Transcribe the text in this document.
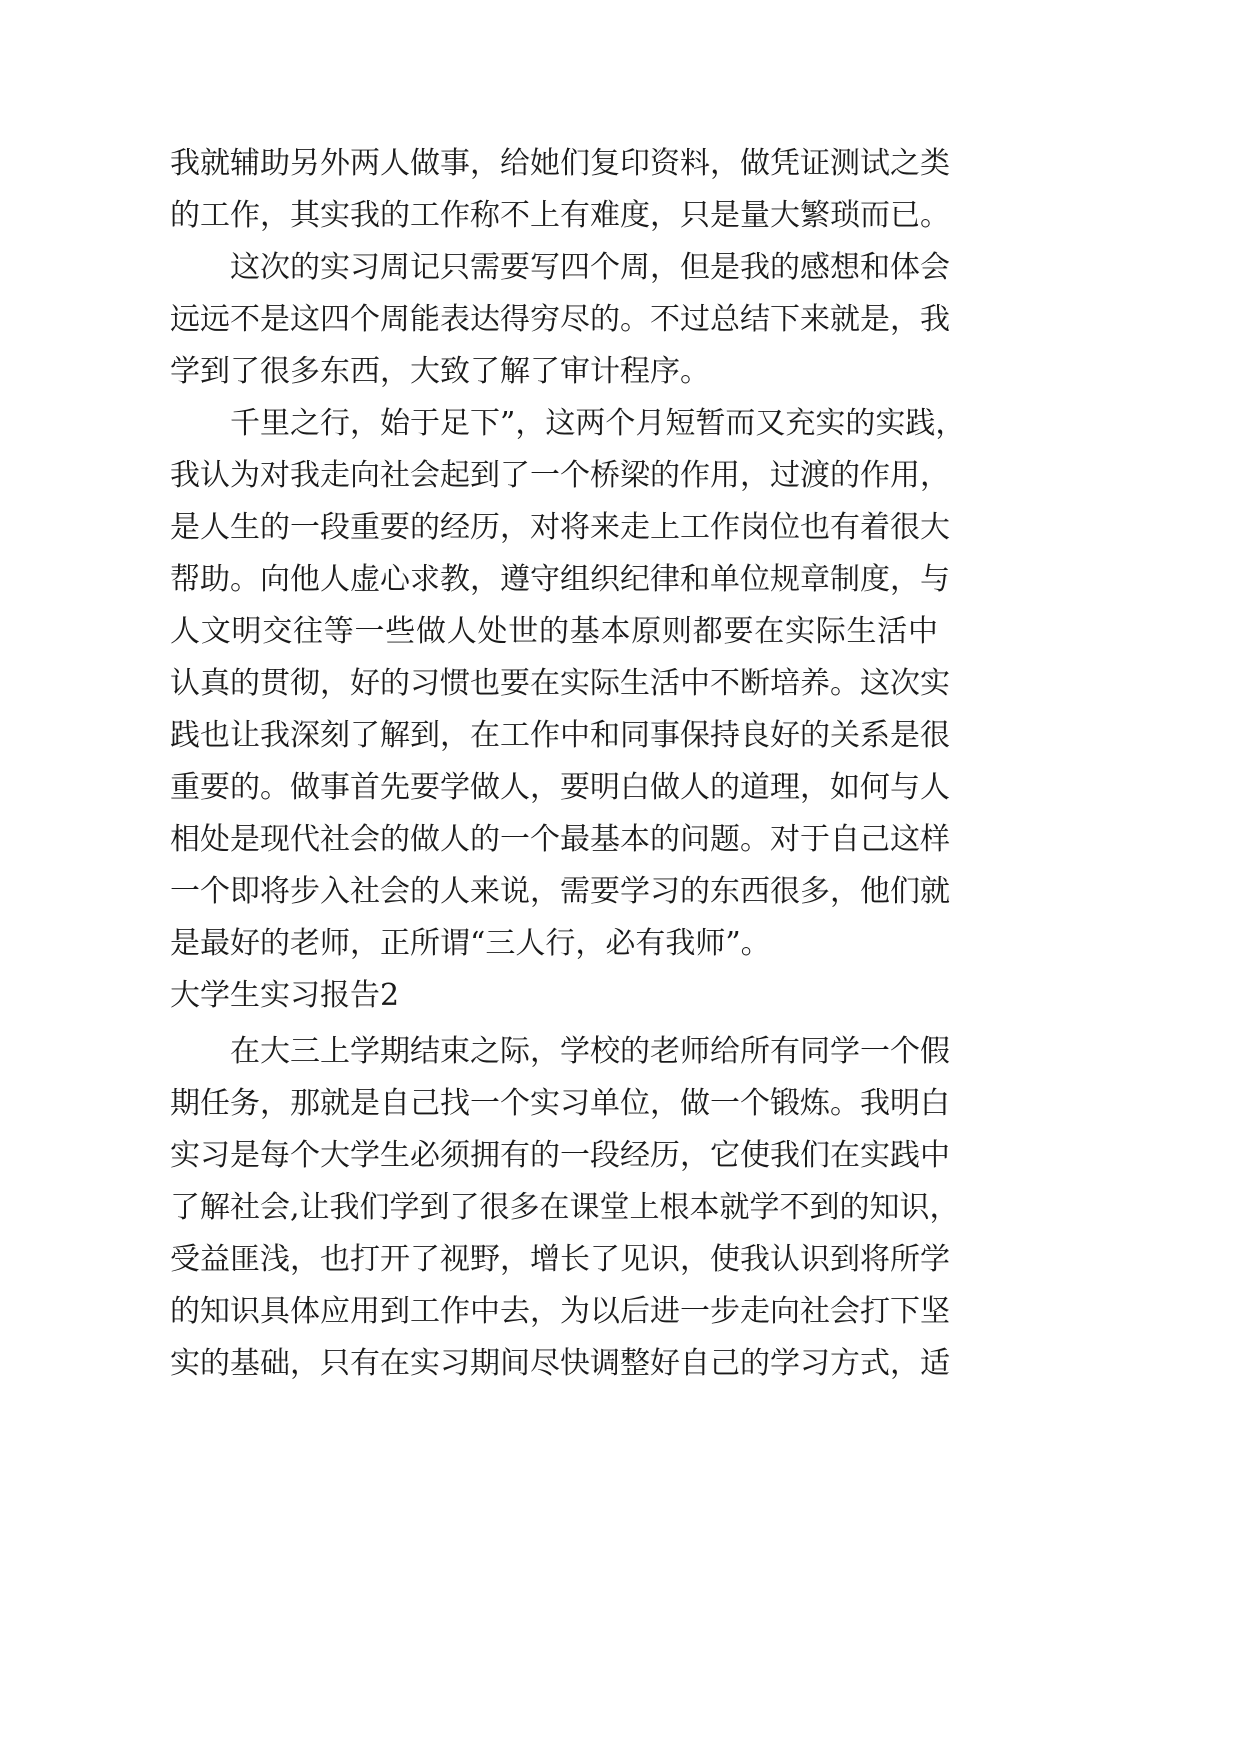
我就辅助另外两人做事，给她们复印资料，做凭证测试之类
的工作，其实我的工作称不上有难度，只是量大繁琐而已。
这次的实习周记只需要写四个周，但是我的感想和体会
远远不是这四个周能表达得穷尽的。不过总结下来就是，我
学到了很多东西，大致了解了审计程序。
千里之行，始于足下”，这两个月短暂而又充实的实践，
我认为对我走向社会起到了一个桥梁的作用，过渡的作用，
是人生的一段重要的经历，对将来走上工作岗位也有着很大
帮助。向他人虚心求教，遵守组织纪律和单位规章制度，与
人文明交往等一些做人处世的基本原则都要在实际生活中
认真的贯彻，好的习惯也要在实际生活中不断培养。这次实
践也让我深刻了解到，在工作中和同事保持良好的关系是很
重要的。做事首先要学做人，要明白做人的道理，如何与人
相处是现代社会的做人的一个最基本的问题。对于自己这样
一个即将步入社会的人来说，需要学习的东西很多，他们就
是最好的老师，正所谓“三人行，必有我师”。
大学生实习报告2
在大三上学期结束之际，学校的老师给所有同学一个假
期任务，那就是自己找一个实习单位，做一个锻炼。我明白
实习是每个大学生必须拥有的一段经历，它使我们在实践中
了解社会,让我们学到了很多在课堂上根本就学不到的知识，
受益匪浅，也打开了视野，增长了见识，使我认识到将所学
的知识具体应用到工作中去，为以后进一步走向社会打下坚
实的基础，只有在实习期间尽快调整好自己的学习方式，适
